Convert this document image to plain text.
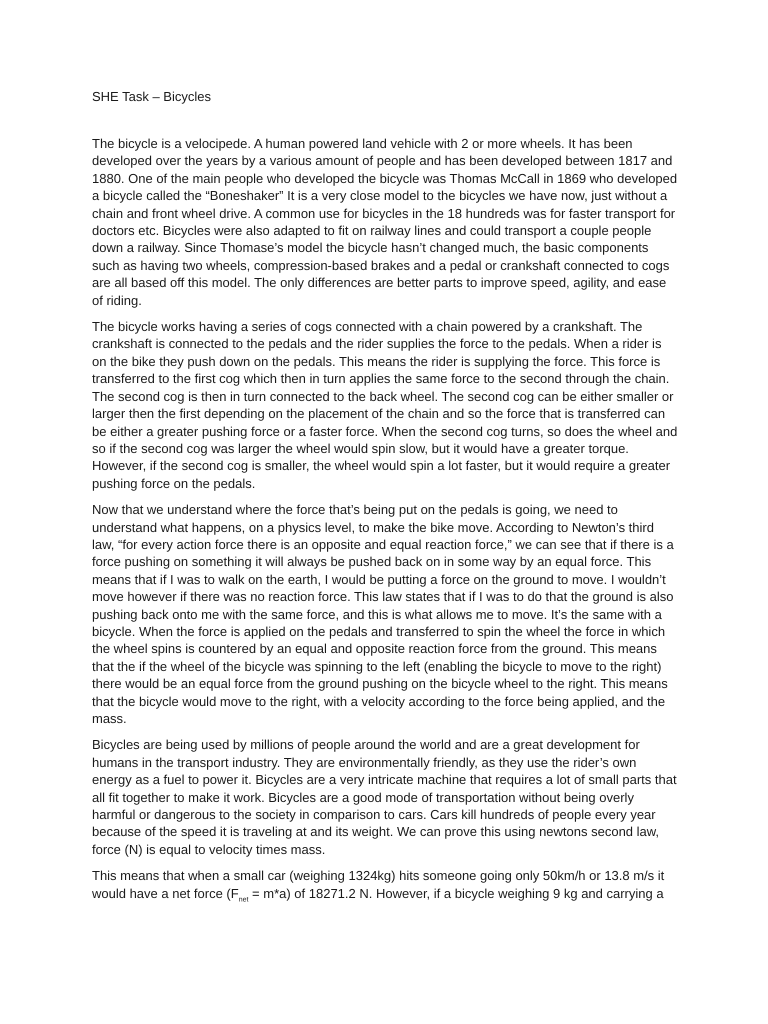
SHE Task – Bicycles

The bicycle is a velocipede. A human powered land vehicle with 2 or more wheels. It has been developed over the years by a various amount of people and has been developed between 1817 and 1880. One of the main people who developed the bicycle was Thomas McCall in 1869 who developed a bicycle called the “Boneshaker” It is a very close model to the bicycles we have now, just without a chain and front wheel drive. A common use for bicycles in the 18 hundreds was for faster transport for doctors etc. Bicycles were also adapted to fit on railway lines and could transport a couple people down a railway. Since Thomase’s model the bicycle hasn’t changed much, the basic components such as having two wheels, compression-based brakes and a pedal or crankshaft connected to cogs are all based off this model. The only differences are better parts to improve speed, agility, and ease of riding.

The bicycle works having a series of cogs connected with a chain powered by a crankshaft. The crankshaft is connected to the pedals and the rider supplies the force to the pedals. When a rider is on the bike they push down on the pedals. This means the rider is supplying the force. This force is transferred to the first cog which then in turn applies the same force to the second through the chain. The second cog is then in turn connected to the back wheel. The second cog can be either smaller or larger then the first depending on the placement of the chain and so the force that is transferred can be either a greater pushing force or a faster force. When the second cog turns, so does the wheel and so if the second cog was larger the wheel would spin slow, but it would have a greater torque. However, if the second cog is smaller, the wheel would spin a lot faster, but it would require a greater pushing force on the pedals.

Now that we understand where the force that’s being put on the pedals is going, we need to understand what happens, on a physics level, to make the bike move. According to Newton’s third law, “for every action force there is an opposite and equal reaction force,” we can see that if there is a force pushing on something it will always be pushed back on in some way by an equal force. This means that if I was to walk on the earth, I would be putting a force on the ground to move. I wouldn’t move however if there was no reaction force. This law states that if I was to do that the ground is also pushing back onto me with the same force, and this is what allows me to move. It’s the same with a bicycle. When the force is applied on the pedals and transferred to spin the wheel the force in which the wheel spins is countered by an equal and opposite reaction force from the ground. This means that the if the wheel of the bicycle was spinning to the left (enabling the bicycle to move to the right) there would be an equal force from the ground pushing on the bicycle wheel to the right. This means that the bicycle would move to the right, with a velocity according to the force being applied, and the mass.

Bicycles are being used by millions of people around the world and are a great development for humans in the transport industry. They are environmentally friendly, as they use the rider’s own energy as a fuel to power it. Bicycles are a very intricate machine that requires a lot of small parts that all fit together to make it work. Bicycles are a good mode of transportation without being overly harmful or dangerous to the society in comparison to cars. Cars kill hundreds of people every year because of the speed it is traveling at and its weight. We can prove this using newtons second law, force (N) is equal to velocity times mass.

This means that when a small car (weighing 1324kg) hits someone going only 50km/h or 13.8 m/s it would have a net force $(F_{net} = m*a)$ of 18271.2 N. However, if a bicycle weighing 9 kg and carrying a
